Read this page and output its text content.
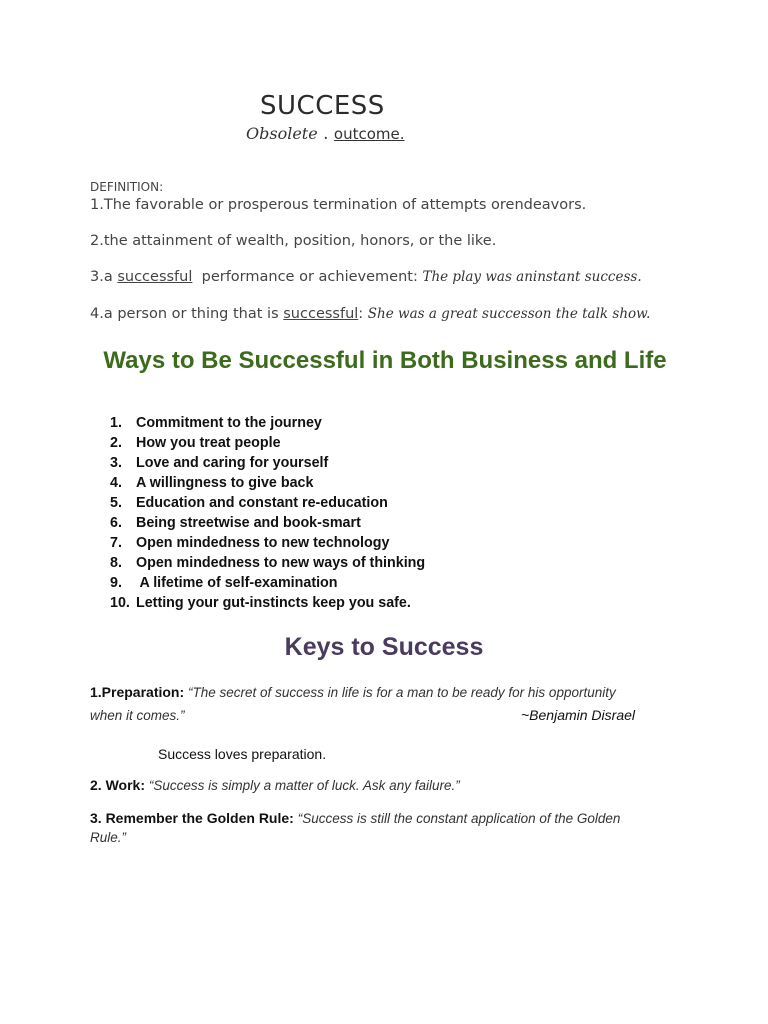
SUCCESS
Obsolete . outcome.
DEFINITION:
1.The favorable or prosperous termination of attempts orendeavors.
2.the attainment of wealth, position, honors, or the like.
3.a successful  performance or achievement: The play was aninstant success.
4.a person or thing that is successful: She was a great successon the talk show.
Ways to Be Successful in Both Business and Life
1. Commitment to the journey
2. How you treat people
3. Love and caring for yourself
4. A willingness to give back
5. Education and constant re-education
6. Being streetwise and book-smart
7. Open mindedness to new technology
8. Open mindedness to new ways of thinking
9. A lifetime of self-examination
10. Letting your gut-instincts keep you safe.
Keys to Success
1.Preparation: “The secret of success in life is for a man to be ready for his opportunity
when it comes.”	~Benjamin Disrael
Success loves preparation.
2. Work: “Success is simply a matter of luck. Ask any failure.”
3. Remember the Golden Rule: “Success is still the constant application of the Golden
Rule.”
